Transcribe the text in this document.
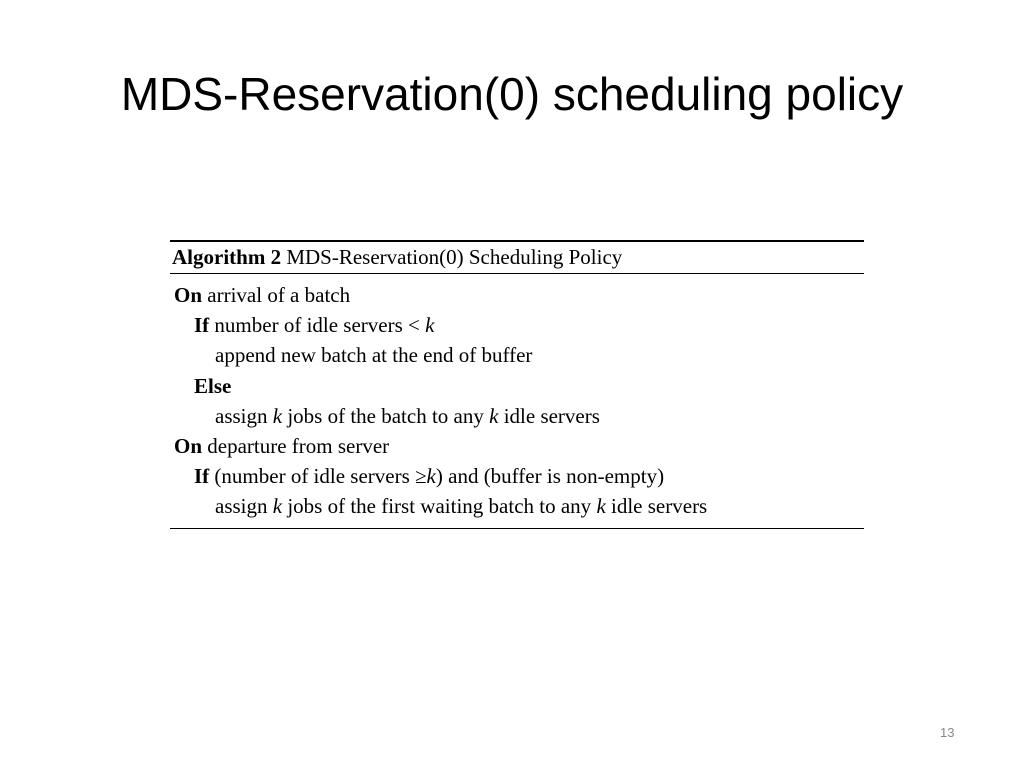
MDS-Reservation(0) scheduling policy
Algorithm 2 MDS-Reservation(0) Scheduling Policy
On arrival of a batch
If number of idle servers < k
append new batch at the end of buffer
Else
assign k jobs of the batch to any k idle servers
On departure from server
If (number of idle servers ≥k) and (buffer is non-empty)
assign k jobs of the first waiting batch to any k idle servers
13
